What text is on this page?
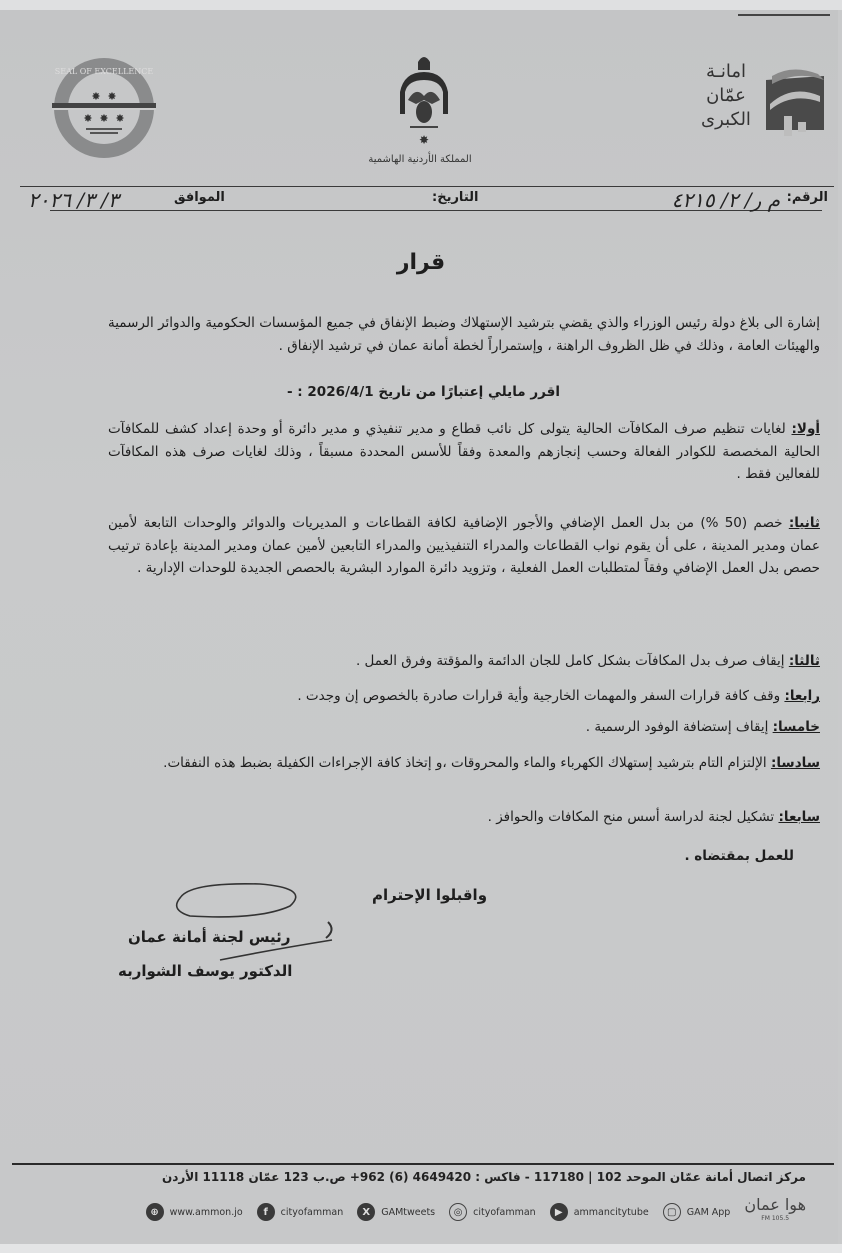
SEAL OF EXCELLENCE
✸ ✸
✸ ✸ ✸
✸
المملكة الأردنية الهاشمية
امانـة
عمّان
الكبرى
الرقم:
م ر/ ٢/ ٤٢١٥
التاريخ:
الموافق
٣/ ٣/ ٢٠٢٦
قرار
إشارة الى بلاغ دولة رئيس الوزراء والذي يقضي بترشيد الإستهلاك وضبط الإنفاق في جميع المؤسسات الحكومية والدوائر الرسمية والهيئات العامة ، وذلك في ظل الظروف الراهنة ، وإستمراراً لخطة أمانة عمان في ترشيد الإنفاق .
اقرر مايلي إعتبارًا من تاريخ 2026/4/1 : -
أولا: لغايات تنظيم صرف المكافآت الحالية يتولى كل نائب قطاع و مدير تنفيذي و مدير دائرة أو وحدة إعداد كشف للمكافآت الحالية المخصصة للكوادر الفعالة وحسب إنجازهم والمعدة وفقاً للأسس المحددة مسبقاً ، وذلك لغايات صرف هذه المكافآت للفعالين فقط .
ثانيا: خصم (50 %) من بدل العمل الإضافي والأجور الإضافية لكافة القطاعات و المديريات والدوائر والوحدات التابعة لأمين عمان ومدير المدينة ، على أن يقوم نواب القطاعات والمدراء التنفيذيين والمدراء التابعين لأمين عمان ومدير المدينة بإعادة ترتيب حصص بدل العمل الإضافي وفقاً لمتطلبات العمل الفعلية ، وتزويد دائرة الموارد البشرية بالحصص الجديدة للوحدات الإدارية .
ثالثا: إيقاف صرف بدل المكافآت بشكل كامل للجان الدائمة والمؤقتة وفرق العمل .
رابعا: وقف كافة قرارات السفر والمهمات الخارجية وأية قرارات صادرة بالخصوص إن وجدت .
خامسا: إيقاف إستضافة الوفود الرسمية .
سادسا: الإلتزام التام بترشيد إستهلاك الكهرباء والماء والمحروقات ،و إتخاذ كافة الإجراءات الكفيلة بضبط هذه النفقات.
سابعا: تشكيل لجنة لدراسة أسس منح المكافات والحوافز .
للعمل بمقتضاه .
واقبلوا الإحترام
رئيس لجنة أمانة عمان
الدكتور يوسف الشواربه
مركز اتصال أمانة عمّان الموحد 102 | 117180 - فاكس : 4649420 (6) 962+ ص.ب 123 عمّان 11118 الأردن
هوا عمان
105.5 FM
▢	GAM App
▶	ammancitytube
◎	cityofamman
X	GAMtweets
f	cityofamman
⊕	www.ammon.jo
